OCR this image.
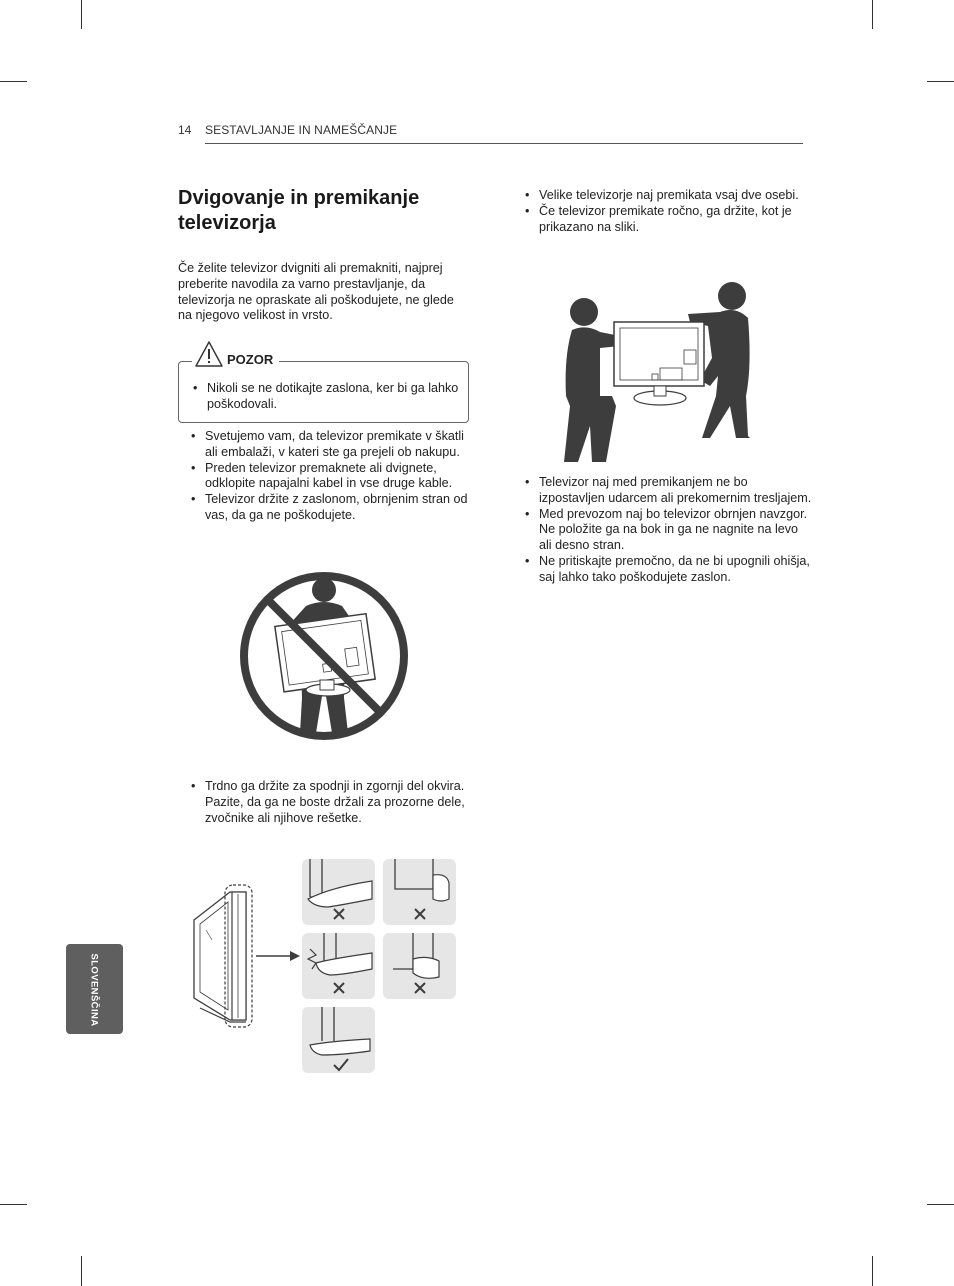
14 SESTAVLJANJE IN NAMEŠČANJE
Dvigovanje in premikanje televizorja
Če želite televizor dvigniti ali premakniti, najprej preberite navodila za varno prestavljanje, da televizorja ne opraskate ali poškodujete, ne glede na njegovo velikost in vrsto.
• Nikoli se ne dotikajte zaslona, ker bi ga lahko poškodovali.
POZOR
• Svetujemo vam, da televizor premikate v škatli ali embalaži, v kateri ste ga prejeli ob nakupu.
• Preden televizor premaknete ali dvignete, odklopite napajalni kabel in vse druge kable.
• Televizor držite z zaslonom, obrnjenim stran od vas, da ga ne poškodujete.
• Trdno ga držite za spodnji in zgornji del okvira. Pazite, da ga ne boste držali za prozorne dele, zvočnike ali njihove rešetke.
• Velike televizorje naj premikata vsaj dve osebi.
• Če televizor premikate ročno, ga držite, kot je prikazano na sliki.
• Televizor naj med premikanjem ne bo izpostavljen udarcem ali prekomernim tresljajem.
• Med prevozom naj bo televizor obrnjen navzgor. Ne položite ga na bok in ga ne nagnite na levo ali desno stran.
• Ne pritiskajte premočno, da ne bi upognili ohišja, saj lahko tako poškodujete zaslon.
SLOVENŠČINA
